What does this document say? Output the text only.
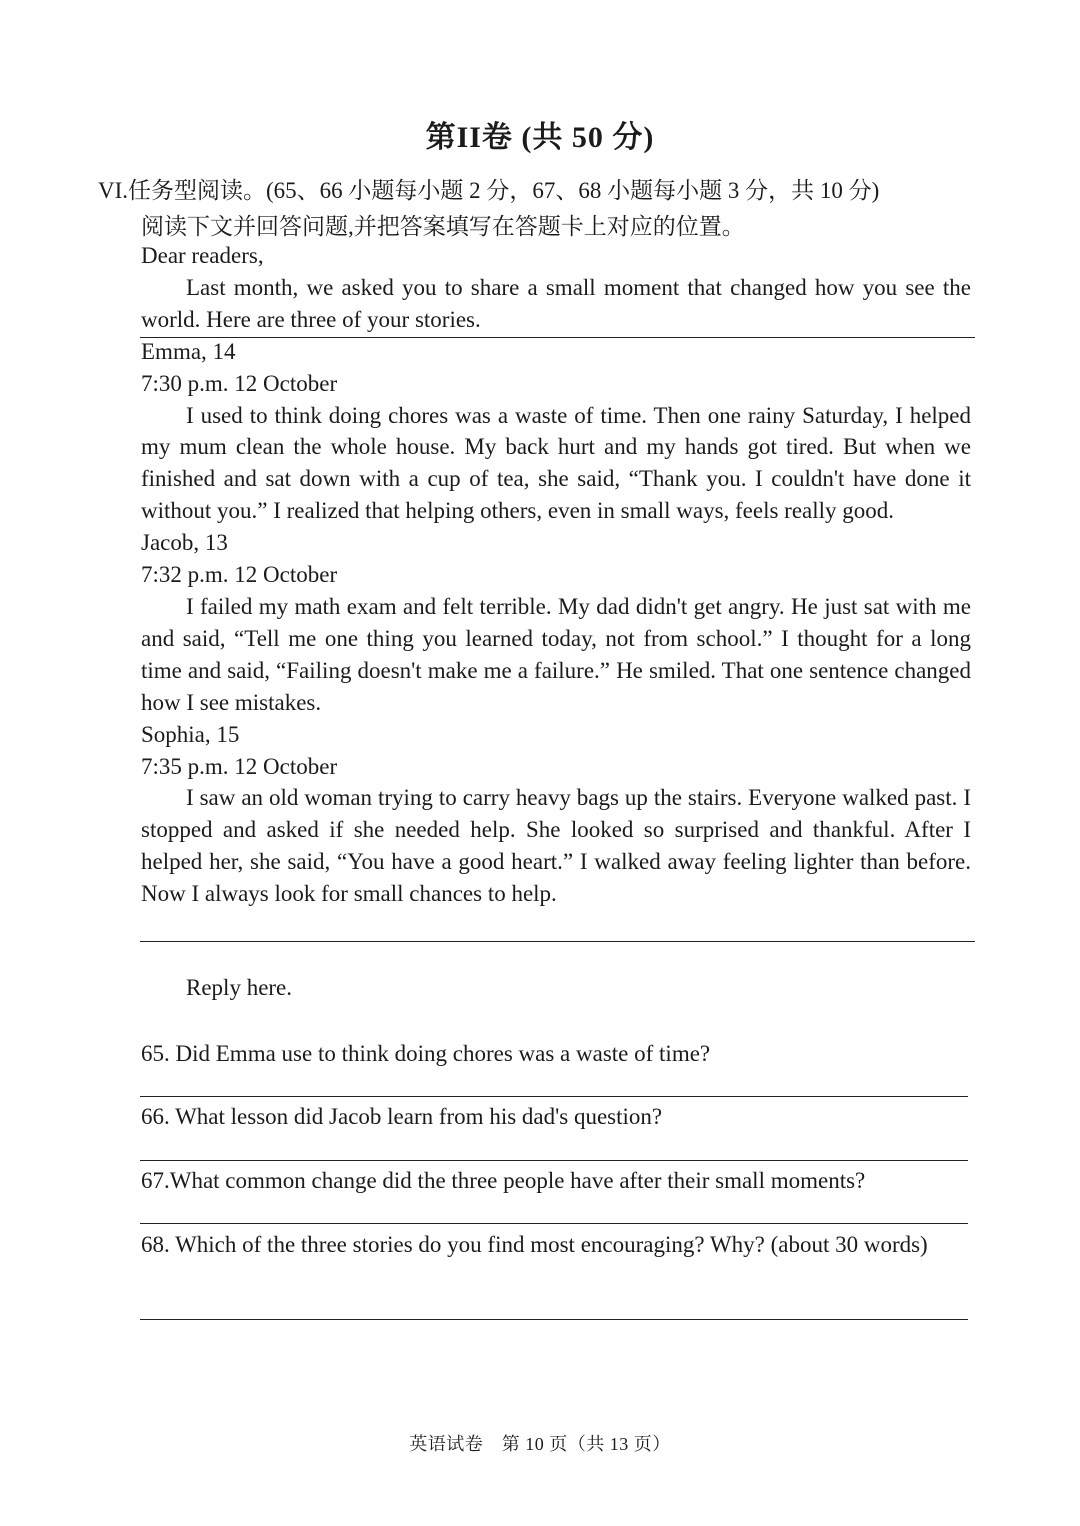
第II卷 (共 50 分)
VI.任务型阅读。(65、66 小题每小题 2 分，67、68 小题每小题 3 分，共 10 分)
阅读下文并回答问题,并把答案填写在答题卡上对应的位置。

Dear readers,

Last month, we asked you to share a small moment that changed how you see the world. Here are three of your stories.

Emma, 14

7:30 p.m. 12 October

I used to think doing chores was a waste of time. Then one rainy Saturday, I helped my mum clean the whole house. My back hurt and my hands got tired. But when we finished and sat down with a cup of tea, she said, “Thank you. I couldn't have done it without you.” I realized that helping others, even in small ways, feels really good.

Jacob, 13

7:32 p.m. 12 October

I failed my math exam and felt terrible. My dad didn't get angry. He just sat with me and said, “Tell me one thing you learned today, not from school.” I thought for a long time and said, “Failing doesn't make me a failure.” He smiled. That one sentence changed how I see mistakes.

Sophia, 15

7:35 p.m. 12 October

I saw an old woman trying to carry heavy bags up the stairs. Everyone walked past. I stopped and asked if she needed help. She looked so surprised and thankful. After I helped her, she said, “You have a good heart.” I walked away feeling lighter than before. Now I always look for small chances to help.

Reply here.
65. Did Emma use to think doing chores was a waste of time?
66. What lesson did Jacob learn from his dad's question?
67.What common change did the three people have after their small moments?
68. Which of the three stories do you find most encouraging? Why? (about 30 words)
英语试卷　第 10 页（共 13 页）
